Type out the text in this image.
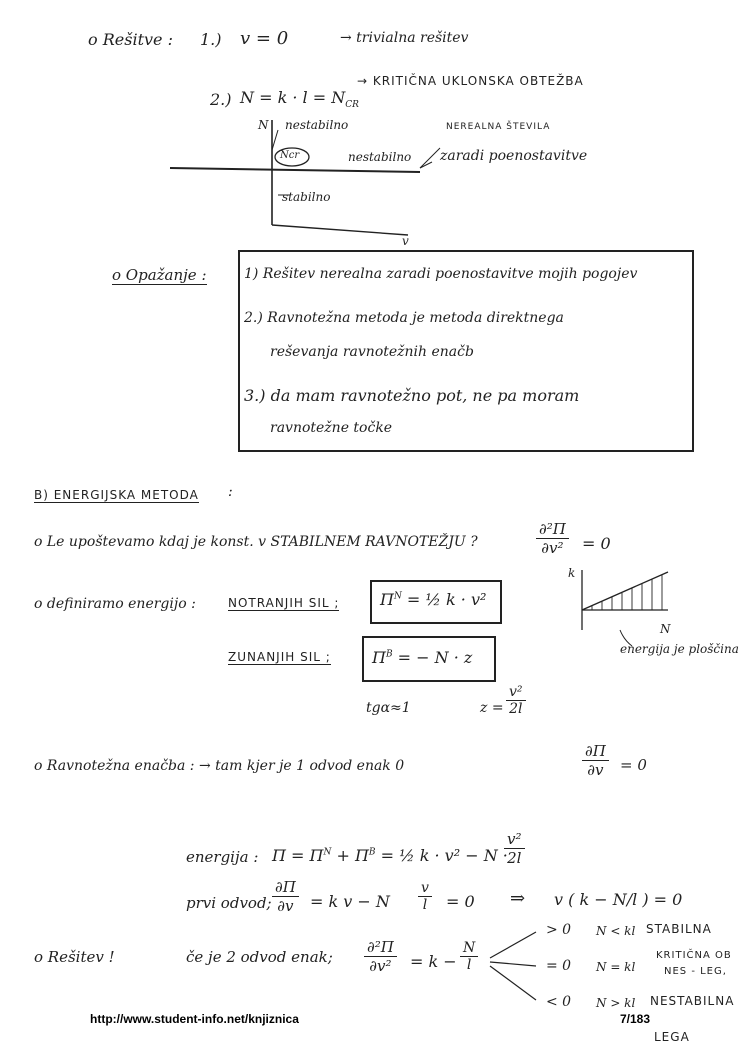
o Rešitve : 1.) v = 0	→ trivialna rešitev
2.) $N = k \cdot l = N_{CR}$
→ KRITIČNA UKLONSKA OBTEŽBA
N
v
nestabilno
Ncr	nestabilno
stabilno
NEREALNA ŠTEVILA
zaradi poenostavitve
o Opažanje :	1) Rešitev nerealna zaradi poenostavitve mojih pogojev
2.) Ravnotežna metoda je metoda direktnega
reševanja ravnotežnih enačb
3.) da mam ravnotežno pot, ne pa moram
ravnotežne točke
B) ENERGIJSKA METODA :
o Le upoštevamo kdaj je konst. v STABILNEM RAVNOTEŽJU ?	$\frac{\text{∂²Π}}{\text{∂v²}} = 0$
o definiramo energijo :	NOTRANJIH SIL ;	$\Pi^N$ = ½ k · v²
ZUNANJIH SIL ;	$\Pi^B$ = − N · z
k
N
energija je ploščina
tgα≈1	$z = \frac{\text{v²}}{2l}$
o Ravnotežna enačba : → tam kjer je 1 odvod enak 0	$\frac{\partial\Pi}{\partial v} = 0$
energija : $\Pi = \Pi^N + \Pi^B$ = ½ k · v² − N ·
$\frac{\text{v²}}{2l}$
prvi odvod; $\frac{\partial\Pi}{\partial v} = k$ v − N $\frac{v}{l} = 0$ ⇒ v ( k − N/l ) = 0
o Rešitev !	če je 2 odvod enak; $\frac{\text{∂²Π}}{\text{∂v²}} = k - \frac{N}{l}$
> 0 N < kl STABILNA
= 0 N = kl
KRITIČNA OB
NES - LEG,
< 0 N > kl NESTABILNA
LEGA
http://www.student-info.net/knjiznica	7/183
